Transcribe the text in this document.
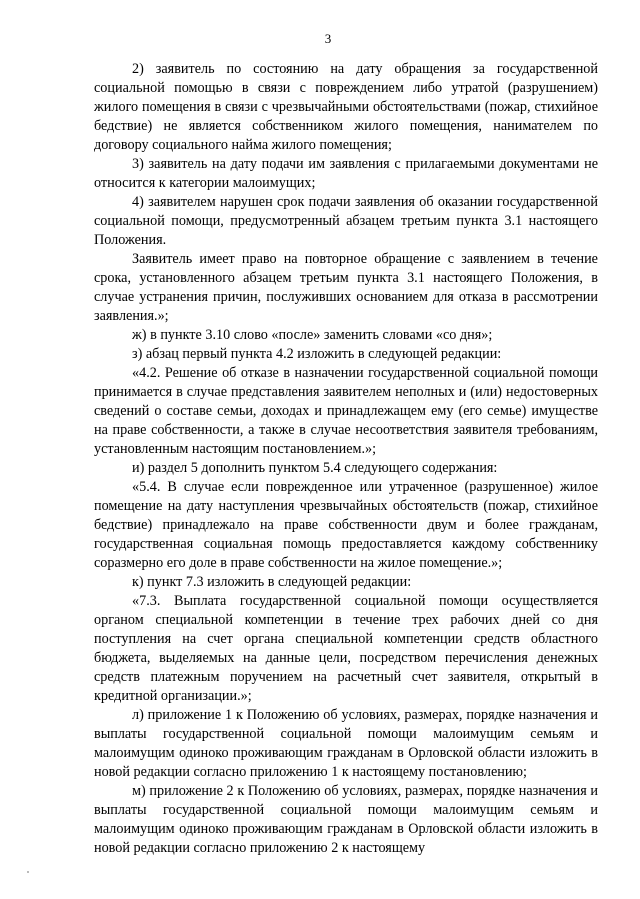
3

2) заявитель по состоянию на дату обращения за государственной социальной помощью в связи с повреждением либо утратой (разрушением) жилого помещения в связи с чрезвычайными обстоятельствами (пожар, стихийное бедствие) не является собственником жилого помещения, нанимателем по договору социального найма жилого помещения;

3) заявитель на дату подачи им заявления с прилагаемыми документами не относится к категории малоимущих;

4) заявителем нарушен срок подачи заявления об оказании государственной социальной помощи, предусмотренный абзацем третьим пункта 3.1 настоящего Положения.

Заявитель имеет право на повторное обращение с заявлением в течение срока, установленного абзацем третьим пункта 3.1 настоящего Положения, в случае устранения причин, послуживших основанием для отказа в рассмотрении заявления.»;

ж) в пункте 3.10 слово «после» заменить словами «со дня»;

з) абзац первый пункта 4.2 изложить в следующей редакции:

«4.2. Решение об отказе в назначении государственной социальной помощи принимается в случае представления заявителем неполных и (или) недостоверных сведений о составе семьи, доходах и принадлежащем ему (его семье) имуществе на праве собственности, а также в случае несоответствия заявителя требованиям, установленным настоящим постановлением.»;

и) раздел 5 дополнить пунктом 5.4 следующего содержания:

«5.4. В случае если поврежденное или утраченное (разрушенное) жилое помещение на дату наступления чрезвычайных обстоятельств (пожар, стихийное бедствие) принадлежало на праве собственности двум и более гражданам, государственная социальная помощь предоставляется каждому собственнику соразмерно его доле в праве собственности на жилое помещение.»;

к) пункт 7.3 изложить в следующей редакции:

«7.3. Выплата государственной социальной помощи осуществляется органом специальной компетенции в течение трех рабочих дней со дня поступления на счет органа специальной компетенции средств областного бюджета, выделяемых на данные цели, посредством перечисления денежных средств платежным поручением на расчетный счет заявителя, открытый в кредитной организации.»;

л) приложение 1 к Положению об условиях, размерах, порядке назначения и выплаты государственной социальной помощи малоимущим семьям и малоимущим одиноко проживающим гражданам в Орловской области изложить в новой редакции согласно приложению 1 к настоящему постановлению;

м) приложение 2 к Положению об условиях, размерах, порядке назначения и выплаты государственной социальной помощи малоимущим семьям и малоимущим одиноко проживающим гражданам в Орловской области изложить в новой редакции согласно приложению 2 к настоящему
